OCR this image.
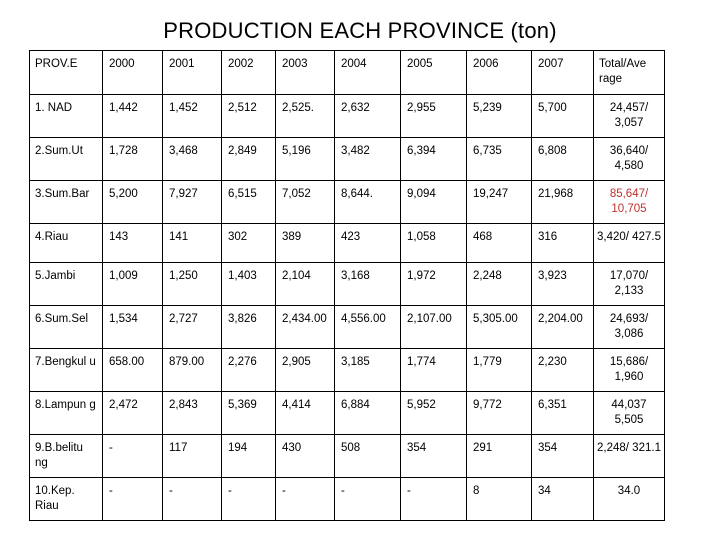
PRODUCTION EACH PROVINCE (ton)
PROV.E	2000	2001	2002	2003	2004	2005	2006	2007	Total/Ave rage
1. NAD	1,442	1,452	2,512	2,525.	2,632	2,955	5,239	5,700	24,457/ 3,057
2.Sum.Ut	1,728	3,468	2,849	5,196	3,482	6,394	6,735	6,808	36,640/ 4,580
3.Sum.Bar	5,200	7,927	6,515	7,052	8,644.	9,094	19,247	21,968	85,647/ 10,705
4.Riau	143	141	302	389	423	1,058	468	316	3,420/ 427.5
5.Jambi	1,009	1,250	1,403	2,104	3,168	1,972	2,248	3,923	17,070/ 2,133
6.Sum.Sel	1,534	2,727	3,826	2,434.00	4,556.00	2,107.00	5,305.00	2,204.00	24,693/ 3,086
7.Bengkul u	658.00	879.00	2,276	2,905	3,185	1,774	1,779	2,230	15,686/ 1,960
8.Lampun g	2,472	2,843	5,369	4,414	6,884	5,952	9,772	6,351	44,037 5,505
9.B.belitu ng	-	117	194	430	508	354	291	354	2,248/ 321.1
10.Kep. Riau	-	-	-	-	-	-	8	34	34.0
